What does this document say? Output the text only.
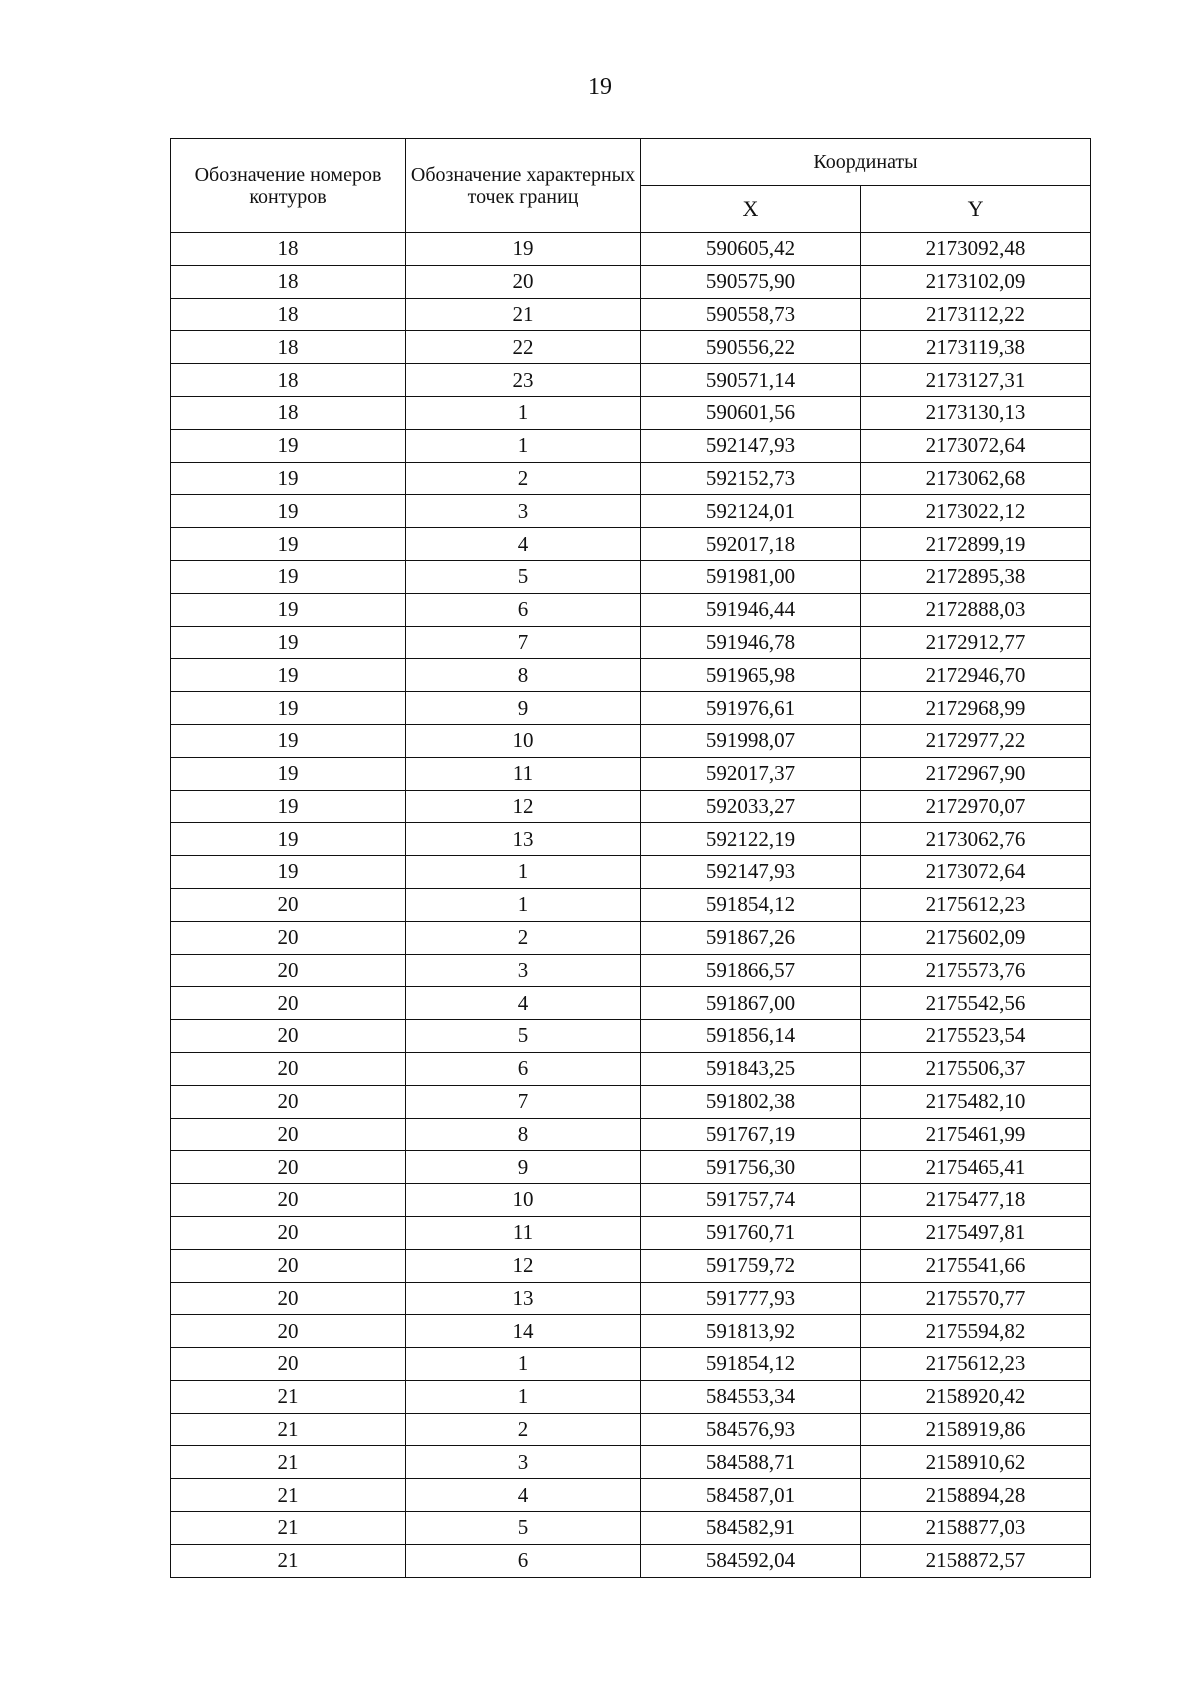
19
Обозначение номеров контуров	Обозначение характерных точек границ	Координаты	
		X	Y
18	19	590605,42	2173092,48
18	20	590575,90	2173102,09
18	21	590558,73	2173112,22
18	22	590556,22	2173119,38
18	23	590571,14	2173127,31
18	1	590601,56	2173130,13
19	1	592147,93	2173072,64
19	2	592152,73	2173062,68
19	3	592124,01	2173022,12
19	4	592017,18	2172899,19
19	5	591981,00	2172895,38
19	6	591946,44	2172888,03
19	7	591946,78	2172912,77
19	8	591965,98	2172946,70
19	9	591976,61	2172968,99
19	10	591998,07	2172977,22
19	11	592017,37	2172967,90
19	12	592033,27	2172970,07
19	13	592122,19	2173062,76
19	1	592147,93	2173072,64
20	1	591854,12	2175612,23
20	2	591867,26	2175602,09
20	3	591866,57	2175573,76
20	4	591867,00	2175542,56
20	5	591856,14	2175523,54
20	6	591843,25	2175506,37
20	7	591802,38	2175482,10
20	8	591767,19	2175461,99
20	9	591756,30	2175465,41
20	10	591757,74	2175477,18
20	11	591760,71	2175497,81
20	12	591759,72	2175541,66
20	13	591777,93	2175570,77
20	14	591813,92	2175594,82
20	1	591854,12	2175612,23
21	1	584553,34	2158920,42
21	2	584576,93	2158919,86
21	3	584588,71	2158910,62
21	4	584587,01	2158894,28
21	5	584582,91	2158877,03
21	6	584592,04	2158872,57
